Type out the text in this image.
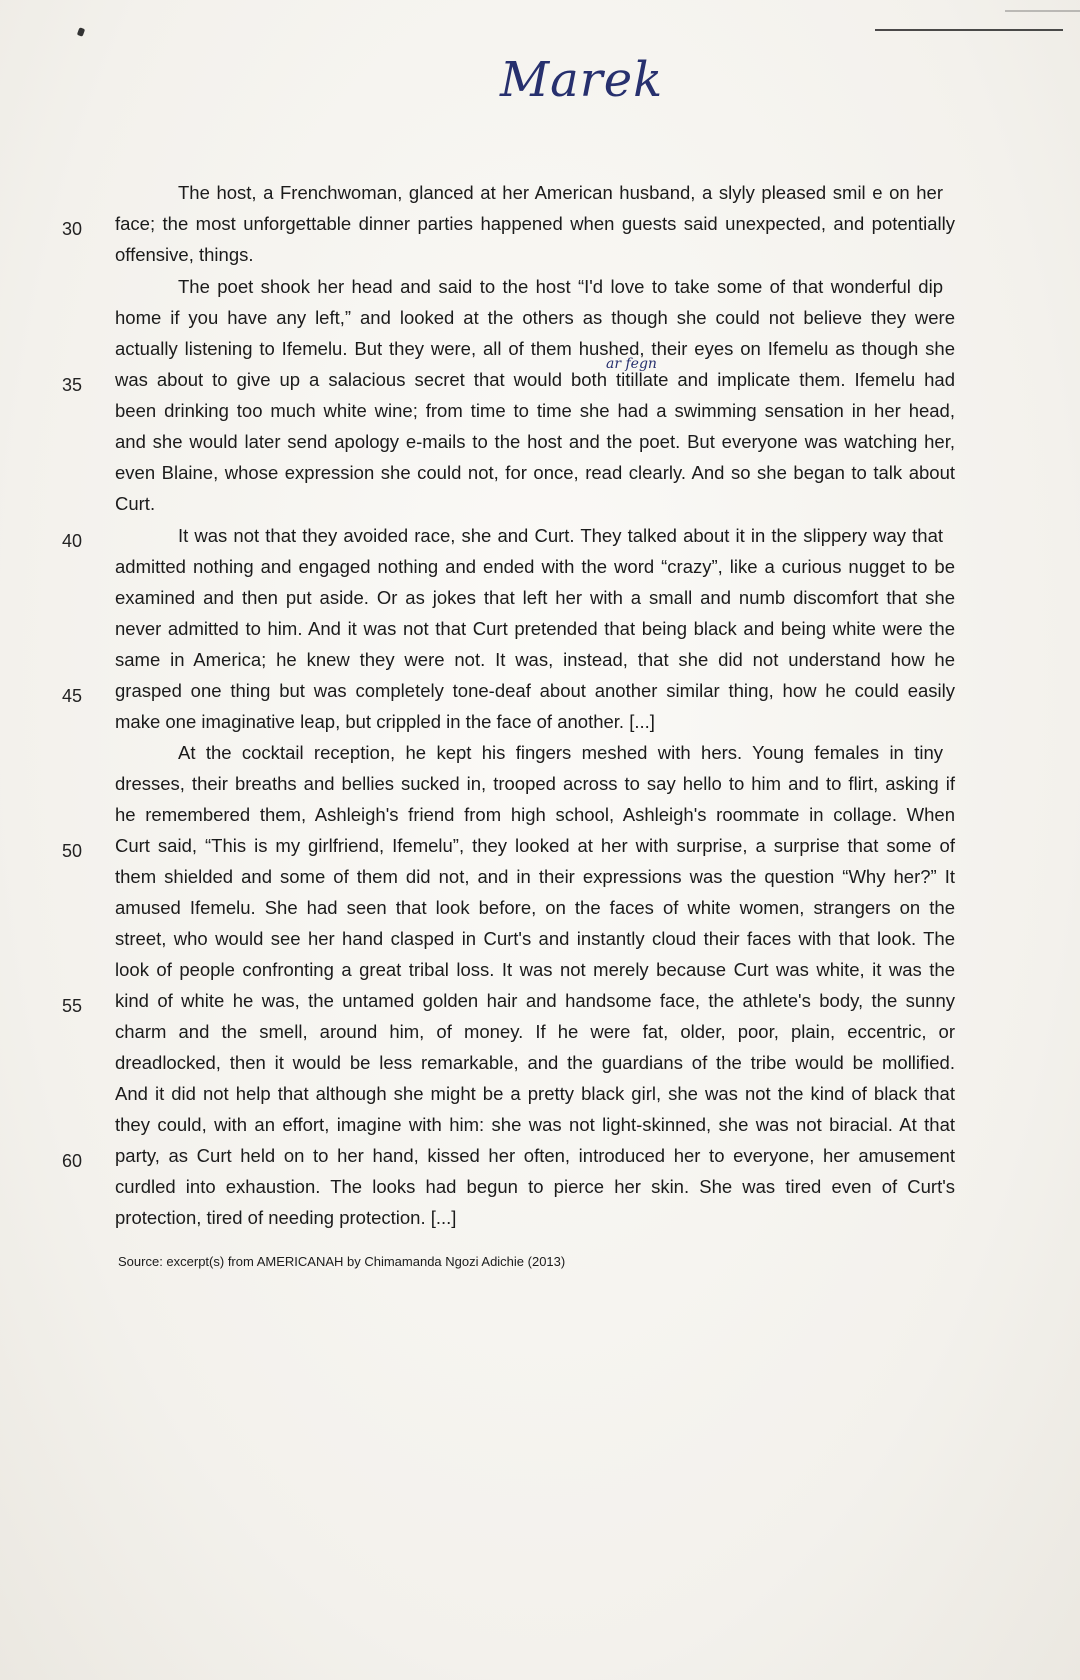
Marek
ar fegn
The host, a Frenchwoman, glanced at her American husband, a slyly pleased smil e on her
face; the most unforgettable dinner parties happened when guests said unexpected, and potentially
offensive, things.
The poet shook her head and said to the host “I'd love to take some of that wonderful dip
home if you have any left,” and looked at the others as though she could not believe they were
actually listening to Ifemelu. But they were, all of them hushed, their eyes on Ifemelu as though she
was about to give up a salacious secret that would both titillate and implicate them. Ifemelu had
been drinking too much white wine; from time to time she had a swimming sensation in her head,
and she would later send apology e-mails to the host and the poet. But everyone was watching her,
even Blaine, whose expression she could not, for once, read clearly. And so she began to talk about
Curt.
It was not that they avoided race, she and Curt. They talked about it in the slippery way that
admitted nothing and engaged nothing and ended with the word “crazy”, like a curious nugget to be
examined and then put aside. Or as jokes that left her with a small and numb discomfort that she
never admitted to him. And it was not that Curt pretended that being black and being white were the
same in America; he knew they were not. It was, instead, that she did not understand how he
grasped one thing but was completely tone-deaf about another similar thing, how he could easily
make one imaginative leap, but crippled in the face of another. [...]
At the cocktail reception, he kept his fingers meshed with hers. Young females in tiny
dresses, their breaths and bellies sucked in, trooped across to say hello to him and to flirt, asking if
he remembered them, Ashleigh's friend from high school, Ashleigh's roommate in collage. When
Curt said, “This is my girlfriend, Ifemelu”, they looked at her with surprise, a surprise that some of
them shielded and some of them did not, and in their expressions was the question “Why her?” It
amused Ifemelu. She had seen that look before, on the faces of white women, strangers on the
street, who would see her hand clasped in Curt's and instantly cloud their faces with that look. The
look of people confronting a great tribal loss. It was not merely because Curt was white, it was the
kind of white he was, the untamed golden hair and handsome face, the athlete's body, the sunny
charm and the smell, around him, of money. If he were fat, older, poor, plain, eccentric, or
dreadlocked, then it would be less remarkable, and the guardians of the tribe would be mollified.
And it did not help that although she might be a pretty black girl, she was not the kind of black that
they could, with an effort, imagine with him: she was not light-skinned, she was not biracial. At that
party, as Curt held on to her hand, kissed her often, introduced her to everyone, her amusement
curdled into exhaustion. The looks had begun to pierce her skin. She was tired even of Curt's
protection, tired of needing protection. [...]
30
35
40
45
50
55
60
Source: excerpt(s) from AMERICANAH by Chimamanda Ngozi Adichie (2013)
